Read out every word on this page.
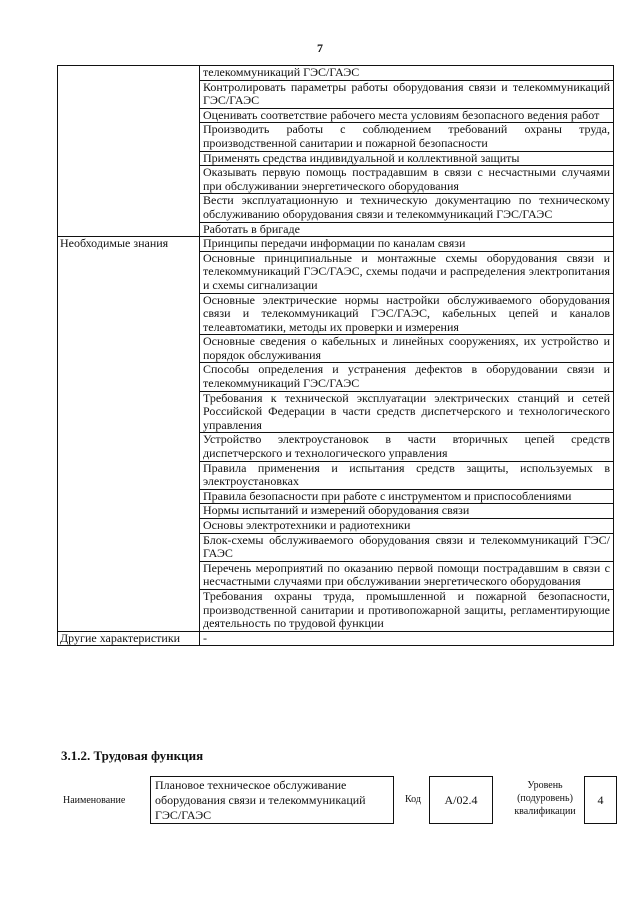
7
	телекоммуникаций ГЭС/ГАЭС
	Контролировать параметры работы оборудования связи и телекоммуникаций ГЭС/ГАЭС
	Оценивать соответствие рабочего места условиям безопасного ведения работ
	Производить работы с соблюдением требований охраны труда, производственной санитарии и пожарной безопасности
	Применять средства индивидуальной и коллективной защиты
	Оказывать первую помощь пострадавшим в связи с несчастными случаями при обслуживании энергетического оборудования
	Вести эксплуатационную и техническую документацию по техническому обслуживанию оборудования связи и телекоммуникаций ГЭС/ГАЭС
	Работать в бригаде
Необходимые знания	Принципы передачи информации по каналам связи
	Основные принципиальные и монтажные схемы оборудования связи и телекоммуникаций ГЭС/ГАЭС, схемы подачи и распределения электропитания и схемы сигнализации
	Основные электрические нормы настройки обслуживаемого оборудования связи и телекоммуникаций ГЭС/ГАЭС, кабельных цепей и каналов телеавтоматики, методы их проверки и измерения
	Основные сведения о кабельных и линейных сооружениях, их устройство и порядок обслуживания
	Способы определения и устранения дефектов в оборудовании связи и телекоммуникаций ГЭС/ГАЭС
	Требования к технической эксплуатации электрических станций и сетей Российской Федерации в части средств диспетчерского и технологического управления
	Устройство электроустановок в части вторичных цепей средств диспетчерского и технологического управления
	Правила применения и испытания средств защиты, используемых в электроустановках
	Правила безопасности при работе с инструментом и приспособлениями
	Нормы испытаний и измерений оборудования связи
	Основы электротехники и радиотехники
	Блок-схемы обслуживаемого оборудования связи и телекоммуникаций ГЭС/ГАЭС
	Перечень мероприятий по оказанию первой помощи пострадавшим в связи с несчастными случаями при обслуживании энергетического оборудования
	Требования охраны труда, промышленной и пожарной безопасности, производственной санитарии и противопожарной защиты, регламентирующие деятельность по трудовой функции
Другие характеристики	-
3.1.2. Трудовая функция
Наименование
Плановое техническое обслуживание оборудования связи и телекоммуникаций ГЭС/ГАЭС
Код	А/02.4
Уровень (подуровень) квалификации
4
